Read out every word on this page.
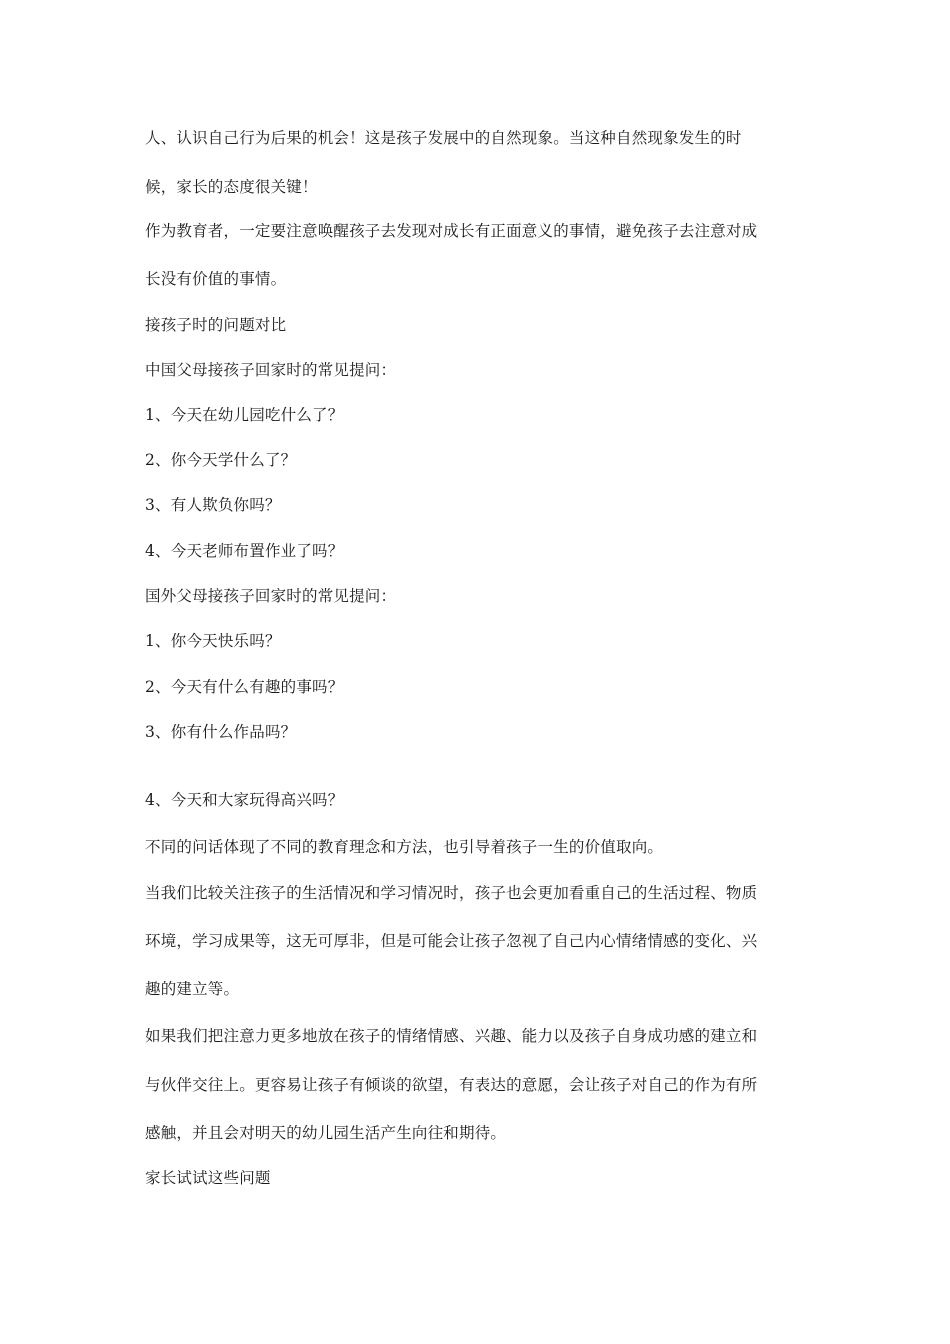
人、认识自己行为后果的机会！这是孩子发展中的自然现象。当这种自然现象发生的时
候，家长的态度很关键！
作为教育者，一定要注意唤醒孩子去发现对成长有正面意义的事情，避免孩子去注意对成
长没有价值的事情。
接孩子时的问题对比
中国父母接孩子回家时的常见提问：
1、今天在幼儿园吃什么了？
2、你今天学什么了？
3、有人欺负你吗？
4、今天老师布置作业了吗？
国外父母接孩子回家时的常见提问：
1、你今天快乐吗？
2、今天有什么有趣的事吗？
3、你有什么作品吗？
4、今天和大家玩得高兴吗？
不同的问话体现了不同的教育理念和方法，也引导着孩子一生的价值取向。
当我们比较关注孩子的生活情况和学习情况时，孩子也会更加看重自己的生活过程、物质
环境，学习成果等，这无可厚非，但是可能会让孩子忽视了自己内心情绪情感的变化、兴
趣的建立等。
如果我们把注意力更多地放在孩子的情绪情感、兴趣、能力以及孩子自身成功感的建立和
与伙伴交往上。更容易让孩子有倾谈的欲望，有表达的意愿，会让孩子对自己的作为有所
感触，并且会对明天的幼儿园生活产生向往和期待。
家长试试这些问题
